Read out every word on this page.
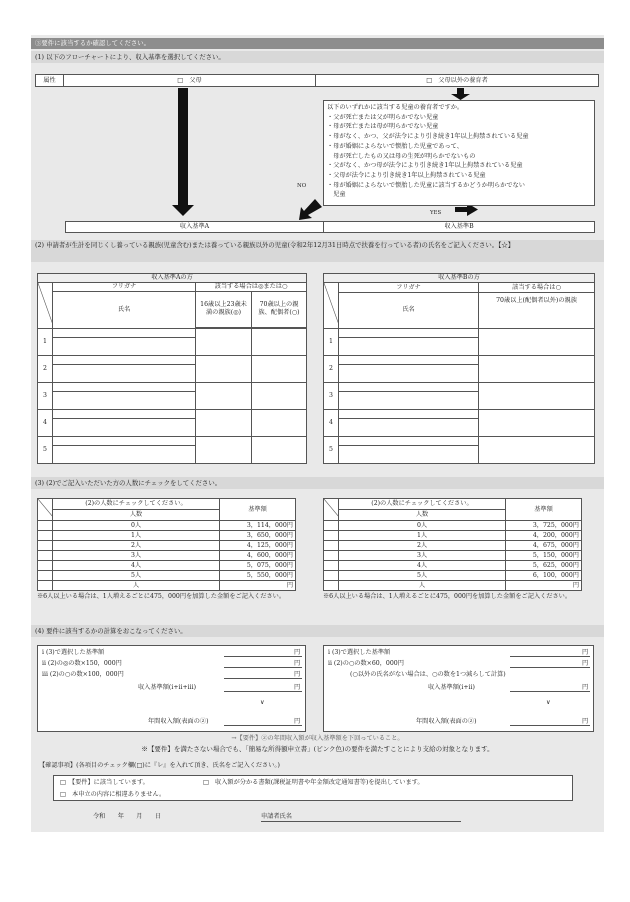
③要件に該当するか確認してください。
(1) 以下のフローチャートにより、収入基準を選択してください。
属性	□　父母	□　父母以外の養育者
以下のいずれかに該当する児童の養育者ですか。
・父が死亡または父が明らかでない児童
・母が死亡または母が明らかでない児童
・母がなく、かつ、父が法令により引き続き1年以上拘禁されている児童
・母が婚姻によらないで懐胎した児童であって、
　母が死亡したもの又は母の生死が明らかでないもの
・父がなく、かつ母が法令により引き続き1年以上拘禁されている児童
・父母が法令により引き続き1年以上拘禁されている児童
・母が婚姻によらないで懐胎した児童に該当するかどうか明らかでない
　児童
NO
YES
収入基準A	収入基準B
(2) 申請者が生計を同じくし養っている親族(児童含む)または養っている親族以外の児童(令和2年12月31日時点で扶養を行っている者)の氏名をご記入ください。【☆】
収入基準Aの方			
	フリガナ	該当する場合は◎または○	
	氏名	16歳以上23歳未満の親族(◎)	70歳以上の親族、配偶者(○)

1			

2			

3			

4			

5			

収入基準Bの方		
	フリガナ	該当する場合は○
	氏名	70歳以上(配偶者以外)の親族
1		

2		

3		

4		

5		

(3) (2)でご記入いただいた方の人数にチェックをしてください。
	(2)の人数にチェックしてください。	基準額
人数
	0人	3，114，000円
	1人	3，650，000円
	2人	4，125，000円
	3人	4，600，000円
	4人	5，075，000円
	5人	5，550，000円
	人	円
※6人以上いる場合は、1人増えるごとに475，000円を加算した金額をご記入ください。
	(2)の人数にチェックしてください。	基準額
人数
	0人	3，725，000円
	1人	4，200，000円
	2人	4，675，000円
	3人	5，150，000円
	4人	5，625，000円
	5人	6，100，000円
	人	円
※6人以上いる場合は、1人増えるごとに475，000円を加算した金額をご記入ください。
(4) 要件に該当するかの計算をおこなってください。
i (3)で選択した基準額	円
ii (2)の◎の数×150，000円	円
iii (2)の○の数×100，000円	円
収入基準額(i+ii+iii)	円
∨
年間収入額(表面の②)	円
i (3)で選択した基準額	円
ii (2)の○の数×60，000円	円
(○以外の氏名がない場合は、○の数を1つ減らして計算)
収入基準額(i+ii)	円
∨
年間収入額(表面の②)	円
→【要件】②の年間収入額が収入基準額を下回っていること。
※【要件】を満たさない場合でも、「簡易な所得額申立書」(ピンク色)の要件を満たすことにより支給の対象となります。
【確認事項】(各項目のチェック欄(□)に『レ』を入れて頂き、氏名をご記入ください。)
□　【要件】に該当しています。	□　収入額が分かる書類(課税証明書や年金額改定通知書等)を提出しています。
□　本申立の内容に相違ありません。
令和　　年　　月　　日	申請者氏名
